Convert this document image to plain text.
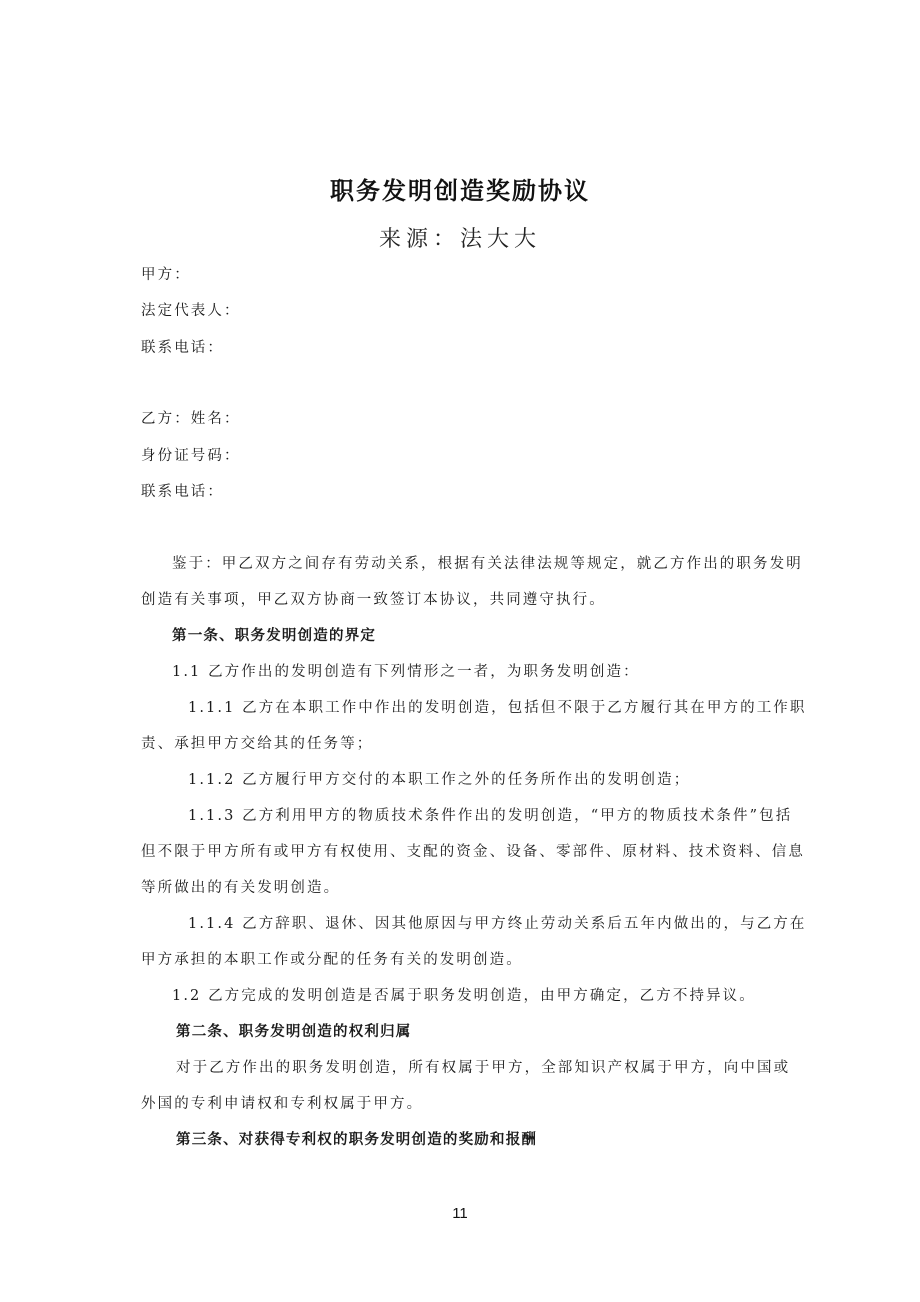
职务发明创造奖励协议
来源：法大大
甲方：
法定代表人：
联系电话：
乙方：姓名：
身份证号码：
联系电话：
鉴于：甲乙双方之间存有劳动关系，根据有关法律法规等规定，就乙方作出的职务发明
创造有关事项，甲乙双方协商一致签订本协议，共同遵守执行。
第一条、职务发明创造的界定
1.1 乙方作出的发明创造有下列情形之一者，为职务发明创造：
1.1.1 乙方在本职工作中作出的发明创造，包括但不限于乙方履行其在甲方的工作职
责、承担甲方交给其的任务等；
1.1.2 乙方履行甲方交付的本职工作之外的任务所作出的发明创造；
1.1.3 乙方利用甲方的物质技术条件作出的发明创造，“甲方的物质技术条件”包括
但不限于甲方所有或甲方有权使用、支配的资金、设备、零部件、原材料、技术资料、信息
等所做出的有关发明创造。
1.1.4 乙方辞职、退休、因其他原因与甲方终止劳动关系后五年内做出的，与乙方在
甲方承担的本职工作或分配的任务有关的发明创造。
1.2 乙方完成的发明创造是否属于职务发明创造，由甲方确定，乙方不持异议。
第二条、职务发明创造的权利归属
对于乙方作出的职务发明创造，所有权属于甲方，全部知识产权属于甲方，向中国或
外国的专利申请权和专利权属于甲方。
第三条、对获得专利权的职务发明创造的奖励和报酬
11
